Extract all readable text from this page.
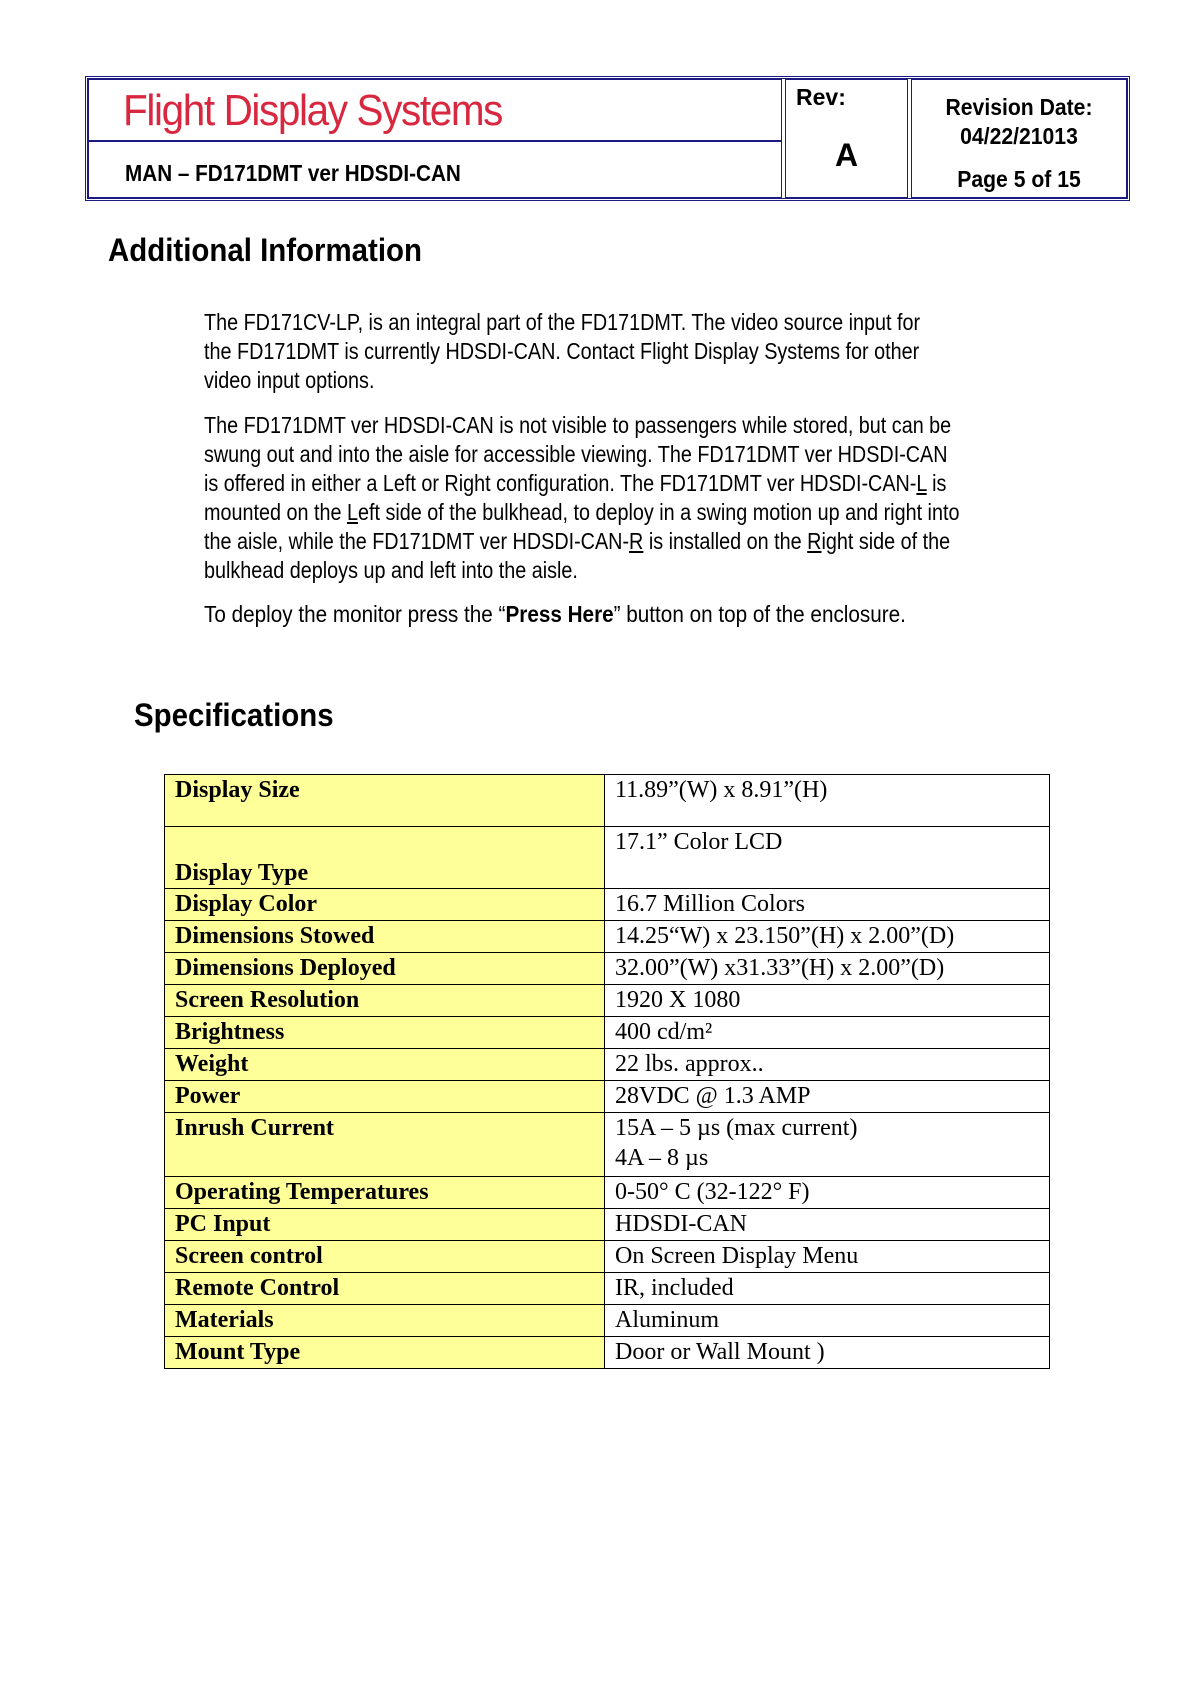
Flight Display Systems
MAN – FD171DMT ver HDSDI-CAN
Rev:
A
Revision Date:
04/22/21013
Page 5 of 15
Additional Information
The FD171CV-LP, is an integral part of the FD171DMT. The video source input for
the FD171DMT is currently HDSDI-CAN. Contact Flight Display Systems for other
video input options.
The FD171DMT ver HDSDI-CAN is not visible to passengers while stored, but can be
swung out and into the aisle for accessible viewing. The FD171DMT ver HDSDI-CAN
is offered in either a Left or Right configuration. The FD171DMT ver HDSDI-CAN-L is
mounted on the Left side of the bulkhead, to deploy in a swing motion up and right into
the aisle, while the FD171DMT ver HDSDI-CAN-R is installed on the Right side of the
bulkhead deploys up and left into the aisle.
To deploy the monitor press the “Press Here” button on top of the enclosure.
Specifications
Display Size	11.89”(W) x 8.91”(H)

Display Type	17.1” Color LCD

Display Color	16.7 Million Colors

Dimensions Stowed	14.25“W) x 23.150”(H) x 2.00”(D)

Dimensions Deployed	32.00”(W) x31.33”(H) x 2.00”(D)

Screen Resolution	1920 X 1080

Brightness	400 cd/m²

Weight	22 lbs. approx..

Power	28VDC @ 1.3 AMP

Inrush Current	15A – 5 µs (max current)
4A – 8 µs

Operating Temperatures	0-50° C (32-122° F)

PC Input	HDSDI-CAN

Screen control	On Screen Display Menu

Remote Control	IR, included

Materials	Aluminum

Mount Type	Door or Wall Mount )
